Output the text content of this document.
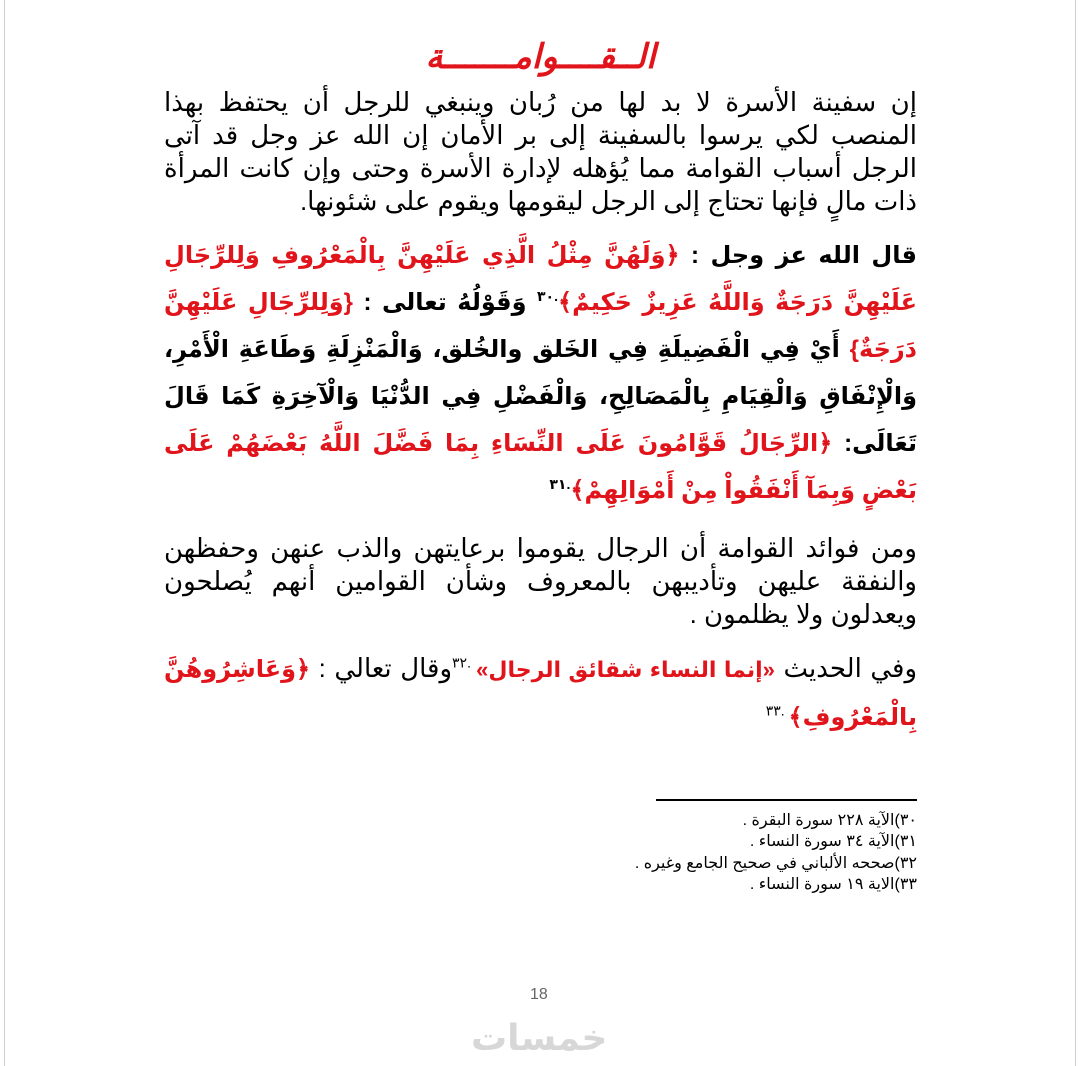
الــقــــوامـــــــة

إن سفينة الأسرة لا بد لها من رُبان وينبغي للرجل أن يحتفظ بهذا المنصب لكي يرسوا بالسفينة إلى بر الأمان إن الله عز وجل قد آتى الرجل أسباب القوامة مما يُؤهله لإدارة الأسرة وحتى وإن كانت المرأة ذات مالٍ فإنها تحتاج إلى الرجل ليقومها ويقوم على شئونها.

قال الله عز وجل : ﴿وَلَهُنَّ مِثْلُ الَّذِي عَلَيْهِنَّ بِالْمَعْرُوفِ وَلِلرِّجَالِ عَلَيْهِنَّ دَرَجَةٌ وَاللَّهُ عَزِيزٌ حَكِيمٌ﴾$^{.٣٠}$ وَقَوْلُهُ تعالى : {وَلِلرِّجَالِ عَلَيْهِنَّ دَرَجَةٌ} أَيْ فِي الْفَضِيلَةِ فِي الخَلق والخُلق، وَالْمَنْزِلَةِ وَطَاعَةِ الْأَمْرِ، وَالْإِنْفَاقِ وَالْقِيَامِ بِالْمَصَالِحِ، وَالْفَضْلِ فِي الدُّنْيَا وَالْآخِرَةِ كَمَا قَالَ تَعَالَى: ﴿الرِّجَالُ قَوَّامُونَ عَلَى النِّسَاءِ بِمَا فَضَّلَ اللَّهُ بَعْضَهُمْ عَلَى بَعْضٍ وَبِمَآ أَنْفَقُواْ مِنْ أَمْوَالِهِمْ﴾$^{.٣١}$

ومن فوائد القوامة أن الرجال يقوموا برعايتهن والذب عنهن وحفظهن والنفقة عليهن وتأديبهن بالمعروف وشأن القوامين أنهم يُصلحون ويعدلون ولا يظلمون .

وفي الحديث «إنما النساء شقائق الرجال» $^{.٣٢}$وقال تعالي : ﴿وَعَاشِرُوهُنَّ بِالْمَعْرُوفِ﴾ $^{.٣٣}$

٣٠)الآية ٢٢٨ سورة البقرة .
٣١)الآية ٣٤ سورة النساء .
٣٢)صححه الألباني في صحيح الجامع وغيره .
٣٣)الاية ١٩ سورة النساء .
18
خمسات
